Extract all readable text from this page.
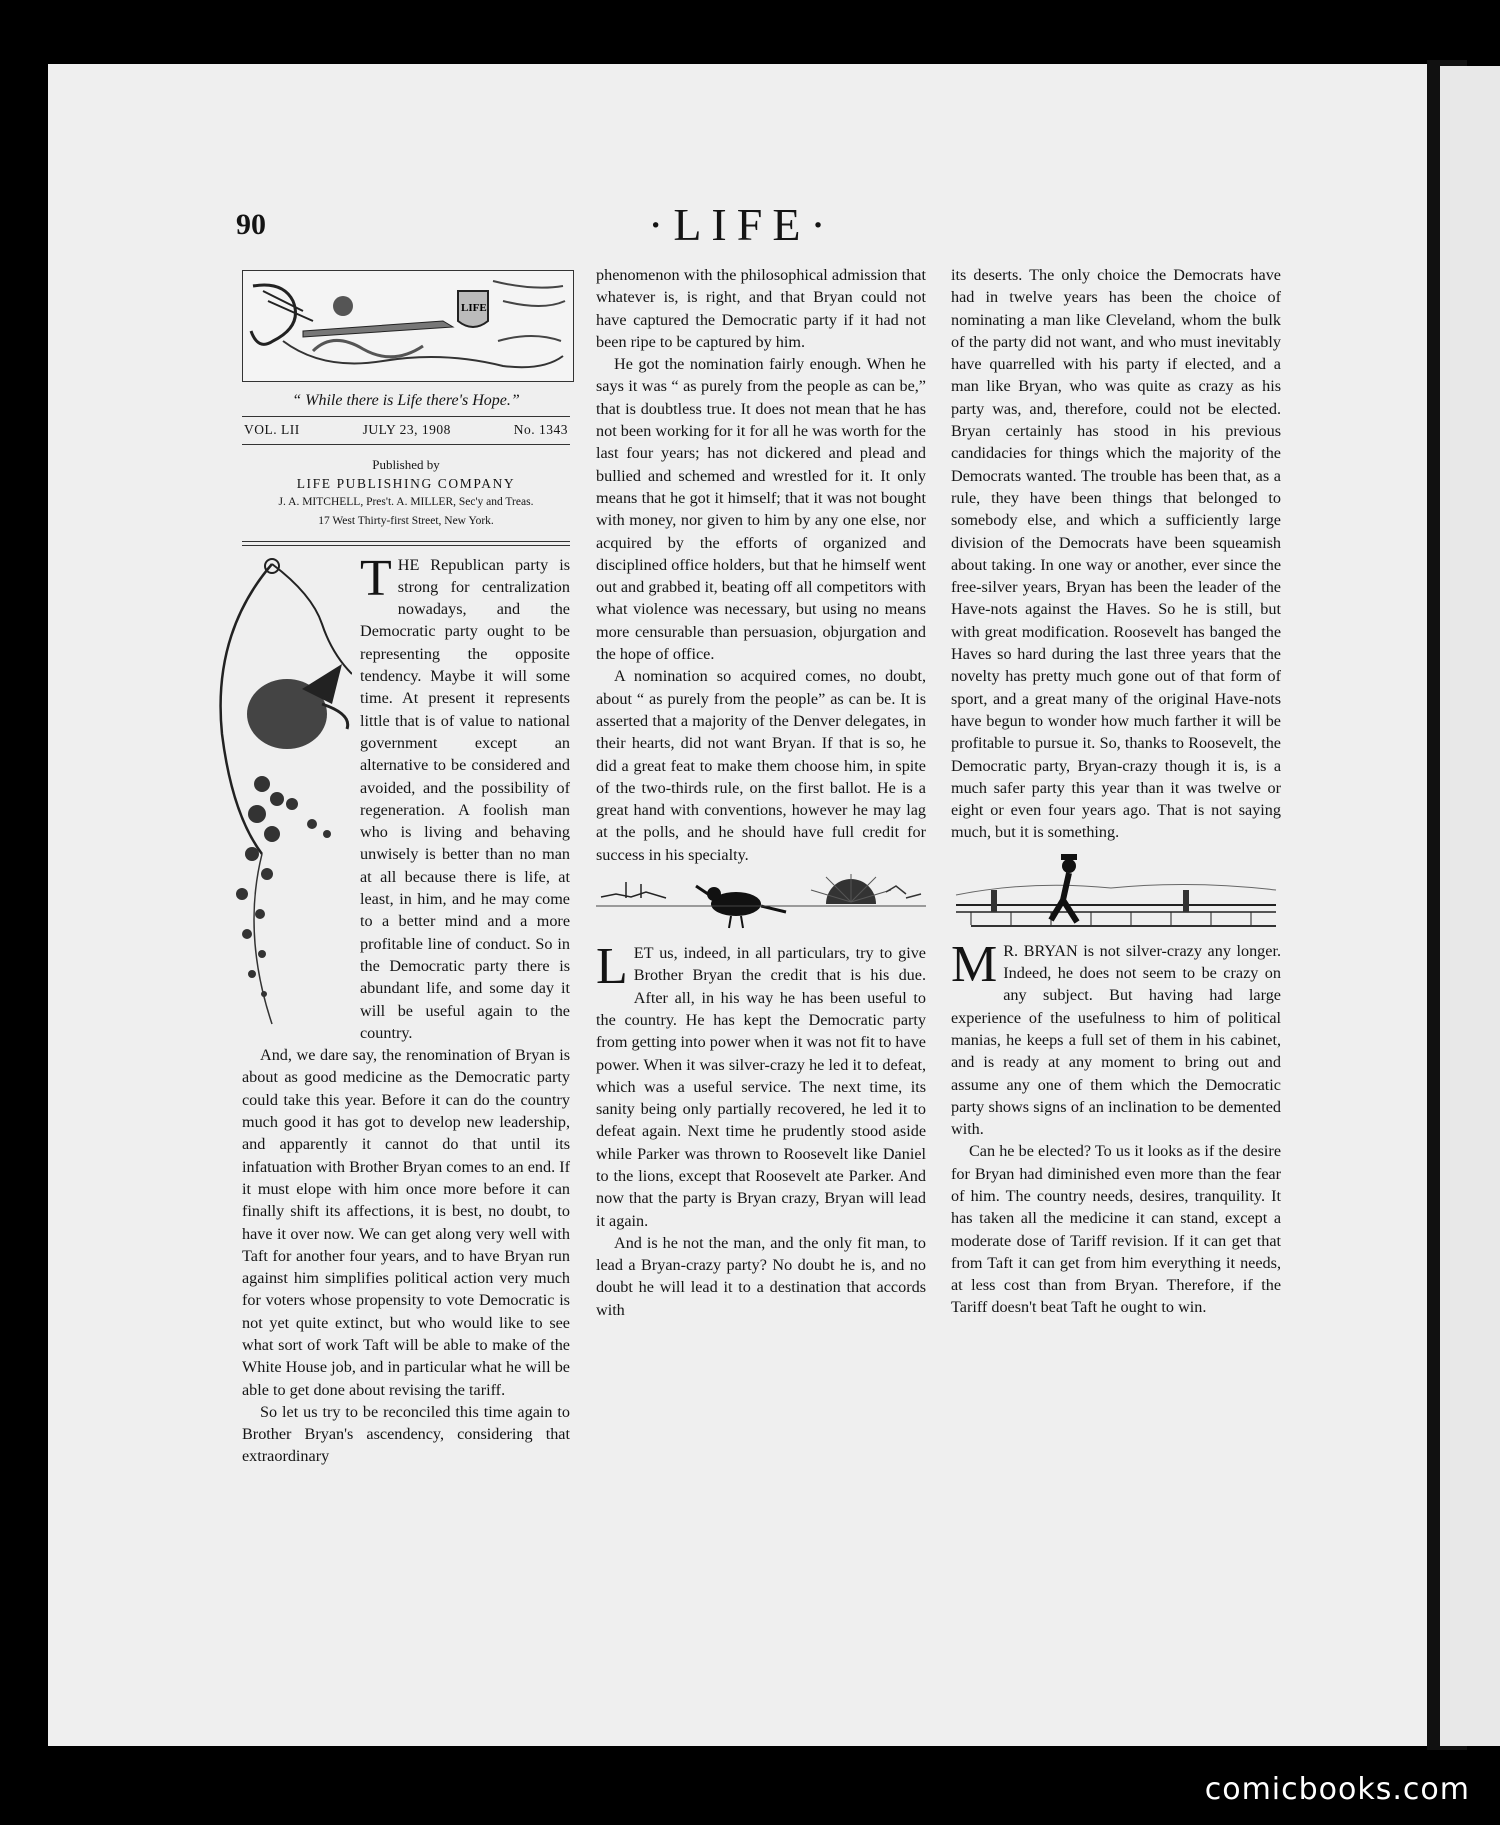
90	·LIFE·
LIFE
“ While there is Life there's Hope.”
VOL. LII	JULY 23, 1908	No. 1343
Published by
LIFE PUBLISHING COMPANY
J. A. MITCHELL, Pres't. A. MILLER, Sec'y and Treas.
17 West Thirty-first Street, New York.

THE Republican party is strong for centralization nowadays, and the Democratic party ought to be representing the opposite tendency. Maybe it will some time. At present it represents little that is of value to national government except an alternative to be considered and avoided, and the possibility of regeneration. A foolish man who is living and behaving unwisely is better than no man at all because there is life, at least, in him, and he may come to a better mind and a more profitable line of conduct. So in the Democratic party there is abundant life, and some day it will be useful again to the country.

And, we dare say, the renomination of Bryan is about as good medicine as the Democratic party could take this year. Before it can do the country much good it has got to develop new leadership, and apparently it cannot do that until its infatuation with Brother Bryan comes to an end. If it must elope with him once more before it can finally shift its affections, it is best, no doubt, to have it over now. We can get along very well with Taft for another four years, and to have Bryan run against him simplifies political action very much for voters whose propensity to vote Democratic is not yet quite extinct, but who would like to see what sort of work Taft will be able to make of the White House job, and in particular what he will be able to get done about revising the tariff.

So let us try to be reconciled this time again to Brother Bryan's ascendency, considering that extraordinary

phenomenon with the philosophical admission that whatever is, is right, and that Bryan could not have captured the Democratic party if it had not been ripe to be captured by him.

He got the nomination fairly enough. When he says it was “ as purely from the people as can be,” that is doubtless true. It does not mean that he has not been working for it for all he was worth for the last four years; has not dickered and plead and bullied and schemed and wrestled for it. It only means that he got it himself; that it was not bought with money, nor given to him by any one else, nor acquired by the efforts of organized and disciplined office holders, but that he himself went out and grabbed it, beating off all competitors with what violence was necessary, but using no means more censurable than persuasion, objurgation and the hope of office.

A nomination so acquired comes, no doubt, about “ as purely from the people” as can be. It is asserted that a majority of the Denver delegates, in their hearts, did not want Bryan. If that is so, he did a great feat to make them choose him, in spite of the two-thirds rule, on the first ballot. He is a great hand with conventions, however he may lag at the polls, and he should have full credit for success in his specialty.

LET us, indeed, in all particulars, try to give Brother Bryan the credit that is his due. After all, in his way he has been useful to the country. He has kept the Democratic party from getting into power when it was not fit to have power. When it was silver-crazy he led it to defeat, which was a useful service. The next time, its sanity being only partially recovered, he led it to defeat again. Next time he prudently stood aside while Parker was thrown to Roosevelt like Daniel to the lions, except that Roosevelt ate Parker. And now that the party is Bryan crazy, Bryan will lead it again.

And is he not the man, and the only fit man, to lead a Bryan-crazy party? No doubt he is, and no doubt he will lead it to a destination that accords with

its deserts. The only choice the Democrats have had in twelve years has been the choice of nominating a man like Cleveland, whom the bulk of the party did not want, and who must inevitably have quarrelled with his party if elected, and a man like Bryan, who was quite as crazy as his party was, and, therefore, could not be elected. Bryan certainly has stood in his previous candidacies for things which the majority of the Democrats wanted. The trouble has been that, as a rule, they have been things that belonged to somebody else, and which a sufficiently large division of the Democrats have been squeamish about taking. In one way or another, ever since the free-silver years, Bryan has been the leader of the Have-nots against the Haves. So he is still, but with great modification. Roosevelt has banged the Haves so hard during the last three years that the novelty has pretty much gone out of that form of sport, and a great many of the original Have-nots have begun to wonder how much farther it will be profitable to pursue it. So, thanks to Roosevelt, the Democratic party, Bryan-crazy though it is, is a much safer party this year than it was twelve or eight or even four years ago. That is not saying much, but it is something.

M R. BRYAN is not silver-crazy any longer. Indeed, he does not seem to be crazy on any subject. But having had large experience of the usefulness to him of political manias, he keeps a full set of them in his cabinet, and is ready at any moment to bring out and assume any one of them which the Democratic party shows signs of an inclination to be demented with.

Can he be elected? To us it looks as if the desire for Bryan had diminished even more than the fear of him. The country needs, desires, tranquility. It has taken all the medicine it can stand, except a moderate dose of Tariff revision. If it can get that from Taft it can get from him everything it needs, at less cost than from Bryan. Therefore, if the Tariff doesn't beat Taft he ought to win.

comicbooks.com
